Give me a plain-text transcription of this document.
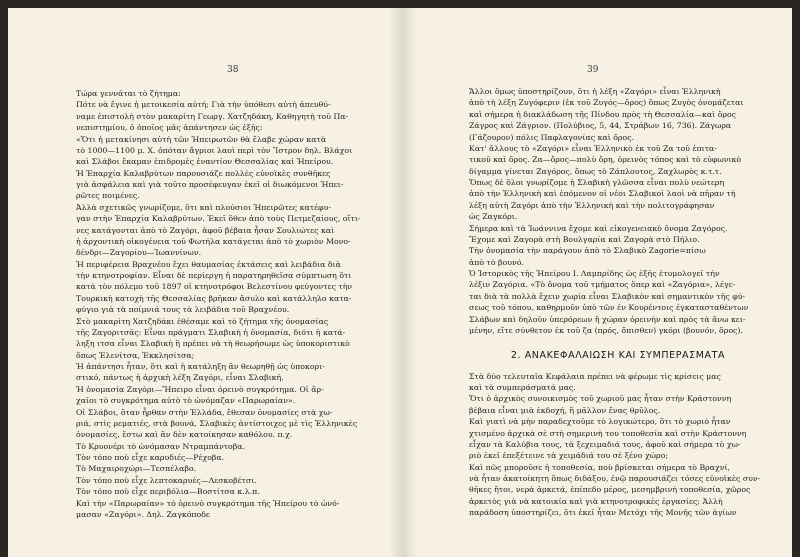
38
Τώρα γεννᾶται τὸ ζήτημα:
Πότε νὰ ἔγινε ἡ μετοικεσία αὐτή; Γιὰ τὴν ὑπόθεσι αὐτὴ ἀπευθύ-
ναμε ἐπιστολὴ στὸν μακαρίτη Γεωργ. Χατζηδάκη, Καθηγητὴ τοῦ Πα-
νεπιστημίου, ὁ ὁποῖος μᾶς ἀπάντησεν ὡς ἑξῆς:
«Ὅτι ἡ μετακίνησι αὐτὴ τῶν Ἠπειρωτῶν θὰ ἔλαβε χώραν κατὰ
τὸ 1000—1100 μ. Χ. ὁπόταν ἄγριοι λαοὶ περὶ τὸν Ἴστρον δηλ. Βλάχοι
καὶ Σλάβοι ἔκαμαν ἐπιδρομὲς ἐναντίον Θεσσαλίας καὶ Ἠπείρου.
Ἡ Ἐπαρχία Καλαβρύτων παρουσιάζε πολλὲς εὐνοϊκὲς συνθῆκες
γιὰ ἀσφάλεια καὶ γιὰ τοῦτο προσέφευγαν ἐκεῖ οἱ διωκόμενοι Ἠπει-
ρῶτες ποιμένες.
Ἀλλὰ σχετικῶς γνωρίζομε, ὅτι καὶ πλούσιοι Ἠπειρῶτες κατέφυ-
γαν στὴν Ἐπαρχία Καλαβρύτων. Ἐκεῖ ὅθεν ἀπὸ τοὺς Πετμεζαίους, οἵτι-
νες κατάγονται ἀπὸ τὸ Ζαγόρι, ἀφοῦ βέβαια ἦσαν Σουλιώτες καὶ
ἡ ἀρχοντικὴ οἰκογένεια τοῦ Φωτήλα κατάγεται ἀπὸ τὸ χωριὸν Μονο-
δένδρι—Ζαγορίου—Ἰωαννίνων.
Ἡ περιφέρεια Βραχνέου ἔχει θαυμασίας ἐκτάσεις καὶ λειβάδια διὰ
τὴν κτηνοτροφίαν. Εἶναι δὲ περίεργη ἡ παρατηρηθεῖσα σύμπτωση ὅτι
κατὰ τὸν πόλεμο τοῦ 1897 οἱ κτηνοτρόφοι Βελεστίνου φεύγοντες τὴν
Τουρκικὴ κατοχὴ τῆς Θεσσαλίας βρῆκαν ἄσυλο καὶ κατάλληλο κατα-
φύγιο γιὰ τὰ ποίμνιά τους τὰ λειβάδια τοῦ Βραχνέου.
Στὸ μακαρίτη Χατζηδάκι ἐθέσαμε καὶ τὸ ζήτημα τῆς ὀνομασίας
τῆς Ζαγοριτσᾶς: Εἶναι πράγματι Σλαβικὴ ἡ ὀνομασία, διότι ἡ κατά-
ληξη ιτσα εἶναι Σλαβικὴ ἢ πρέπει νὰ τὴ θεωρήσωμε ὡς ὑποκοριστικὸ
ὅπως Ἐλενίτσα, Ἐκκλησίτσα;
Ἡ ἀπάντησι ἦταν, ὅτι καὶ ἡ κατάληξη ἂν θεωρηθῇ ὡς ὑποκορι-
στικό, πάντως ἡ ἀρχικὴ λέξη Ζαγόρι, εἶναι Σλαβική.
Ἡ ὀνομασία Ζαγόρι—Ἤπειρο εἶναι ὀρεινὸ συγκρότημα. Οἱ ἄρ-
χαῖοι τὸ συγκρότημα αὐτὸ τὸ ὠνόμαζαν «Παρωραίαν».
Οἱ Σλάβοι, ὅταν ἦρθαν στὴν Ἑλλάδα, ἔθεσαν ὀνομασίες στὰ χω-
ριά, στὶς ρεματιές, στὰ βουνά, Σλαβικὲς ἀντίστοιχες μὲ τὶς Ἑλληνικὲς
ὀνομασίες, ἔστω καὶ ἂν δὲν κατοίκησαν καθόλου. π.χ.
Τὸ Κρυονέρι τὸ ὠνόμασαν Ντραμπάντοβα.
Τὸν τόπο ποὺ εἶχε καρυδιές—Ρέχοβα.
Τὸ Μαχαιροχώρι—Τεσπέλαβο.
Τὸν τόπο ποὺ εἶχε λεπτοκαρυές—Λεσκοβέτσι.
Τὸν τόπο ποὺ εἶχε περιβόλια—Βοστίτσα κ.λ.π.
Καὶ τὴν «Παρωραίαν» τὸ ὀρεινὸ συγκρότημα τῆς Ἠπείρου τὸ ὠνό-
μασαν «Ζαγόρι». Δηλ. Ζαγκόποδε
39
Ἄλλοι ὅμως ὑποστηρίζουν, ὅτι ἡ λέξη «Ζαγόρι» εἶναι Ἑλληνικὴ
ἀπὸ τὴ λέξη Ζυγόφεριν (ἐκ τοῦ Ζυγός—ὄρος) ὅπως Ζυγὸς ὀνομάζεται
καὶ σήμερα ἡ διακλάδωση τῆς Πίνδου πρὸς τὴ Θεσσαλία—καὶ ὄρος
Ζάγρος καὶ Ζάγριον. (Πολύβιος, 5, 44, Στράβων 16, 736). Ζάγωρα
(Γάζουρον) πόλις Παφλαγονίας καὶ ὄρος.
Κατ' ἄλλους τὸ «Ζαγόρι» εἶναι Ἑλληνικὸ ἐκ τοῦ Ζα τοῦ ἐπιτα-
τικοῦ καὶ ὄρος. Ζα—ὄρος—πολὺ ὄρη, ὀρεινὸς τόπος καὶ τὸ εὐφωνικὸ
δίγαμμα γίνεται Ζαγόρος, ὅπως τὸ Ζάπλουτος, Ζαχλωρὸς κ.τ.τ.
Ὅπως δὲ ὅλοι γνωρίζομε ἡ Σλαβικὴ γλῶσσα εἶναι πολὺ νεώτερη
ἀπὸ τὴν Ἑλληνικὴ καὶ ἐπόμενον οἱ νέοι Σλαβικοὶ λαοὶ νὰ πῆραν τὴ
λέξη αὐτὴ Ζαγόρι ἀπὸ τὴν Ἑλληνικὴ καὶ τὴν πολιτογράφησαν
ὡς Ζαγκόρι.
Σήμερα καὶ τὰ Ἰωάννινα ἔχομε καὶ εἰκογενειακὸ ὄνομα Ζαγόρος.
Ἔχομε καὶ Ζαγορὰ στὴ Βουλγαρία καὶ Ζαγορὰ στὸ Πήλιο.
Τὴν ὀνομασία τὴν παράγουν ἀπὸ τὸ Σλαβικὸ Zagorie=πίσω
ἀπὸ τὸ βουνό.
Ὁ Ἱστορικὸς τῆς Ἠπείρου Ι. Λαμπρίδης ὡς ἑξῆς ἐτυμολογεῖ τὴν
λέξιν Ζαγόρια. «Τὸ ὄνομα τοῦ τμήματος ὅπερ καὶ «Ζαγόρια», λέγε-
ται διὰ τὰ πολλὰ ἔχειν χωρία εἶναι Σλαβικὸν καὶ σημαντικὸν τῆς φύ-
σεως τοῦ τόπου, καθηρμοῦν ὑπὸ τῶν ἐν Κουρέντοις ἐγκατασταθέντων
Σλάβων καὶ δηλοῦν ὑπερόρεων ἢ χώραν ὀρεινὴν καὶ πρὸς τὰ ἄνω κει-
μένην, εἴτε σύνθετον ἐκ τοῦ ζα (πρός, ὄπισθεν) γκόρι (βουνόν, ὄρος).
2. ΑΝΑΚΕΦΑΛΑΙΩΣΗ ΚΑΙ ΣΥΜΠΕΡΑΣΜΑΤΑ
Στὰ δύο τελευταῖα Κεφάλαια πρέπει νὰ φέρωμε τὶς κρίσεις μας
καὶ τὰ συμπεράσματά μας.
Ὅτι ὁ ἀρχικὸς συνοικισμὸς τοῦ χωριοῦ μας ἦταν στὴν Κράστοννη
βέβαια εἶναι μιὰ ἐκδοχή, ἢ μᾶλλον ἕνας θρῦλος.
Καὶ γιατὶ νὰ μὴν παραδεχτοῦμε τὸ λογικώτερο, ὅτι τὸ χωριὸ ἦταν
χτισμένο ἀρχικὰ σὲ στὴ σημερινὴ του τοποθεσία καὶ στὴν Κράστοννη
εἶχαν τὰ Καλύβια τους, τὰ ξεχειμαδιά τους, ἀφοῦ καὶ σήμερα τὸ χω-
ριὸ ἐκεῖ ἐπεξέτεινε τὰ χειμάδιά του σὲ ξένο χώρο;
Καὶ πῶς μποροῦσε ἡ τοποθεσία, ποὺ βρίσκεται σήμερα τὸ Βραχνί,
νὰ ἦταν ἀκατοίκητη ὅπως διδάξου, ἐνῷ παρουσιάζει τόσες εὐνοϊκὲς συν-
θῆκες ἤτοι, νερὰ ἀρκετά, ἐπίπεδο μέρος, μεσημβρινὴ τοποθεσία, χῶρος
ἀρκετὸς γιὰ νὰ κατοικία καὶ γιὰ κτηνοτροφικὲς ἐργασίες; Ἀλλὴ
παράδοση ὑποστηρίζει, ὅτι ἐκεῖ ἦταν Μετόχι τῆς Μονῆς τῶν ἁγίων
